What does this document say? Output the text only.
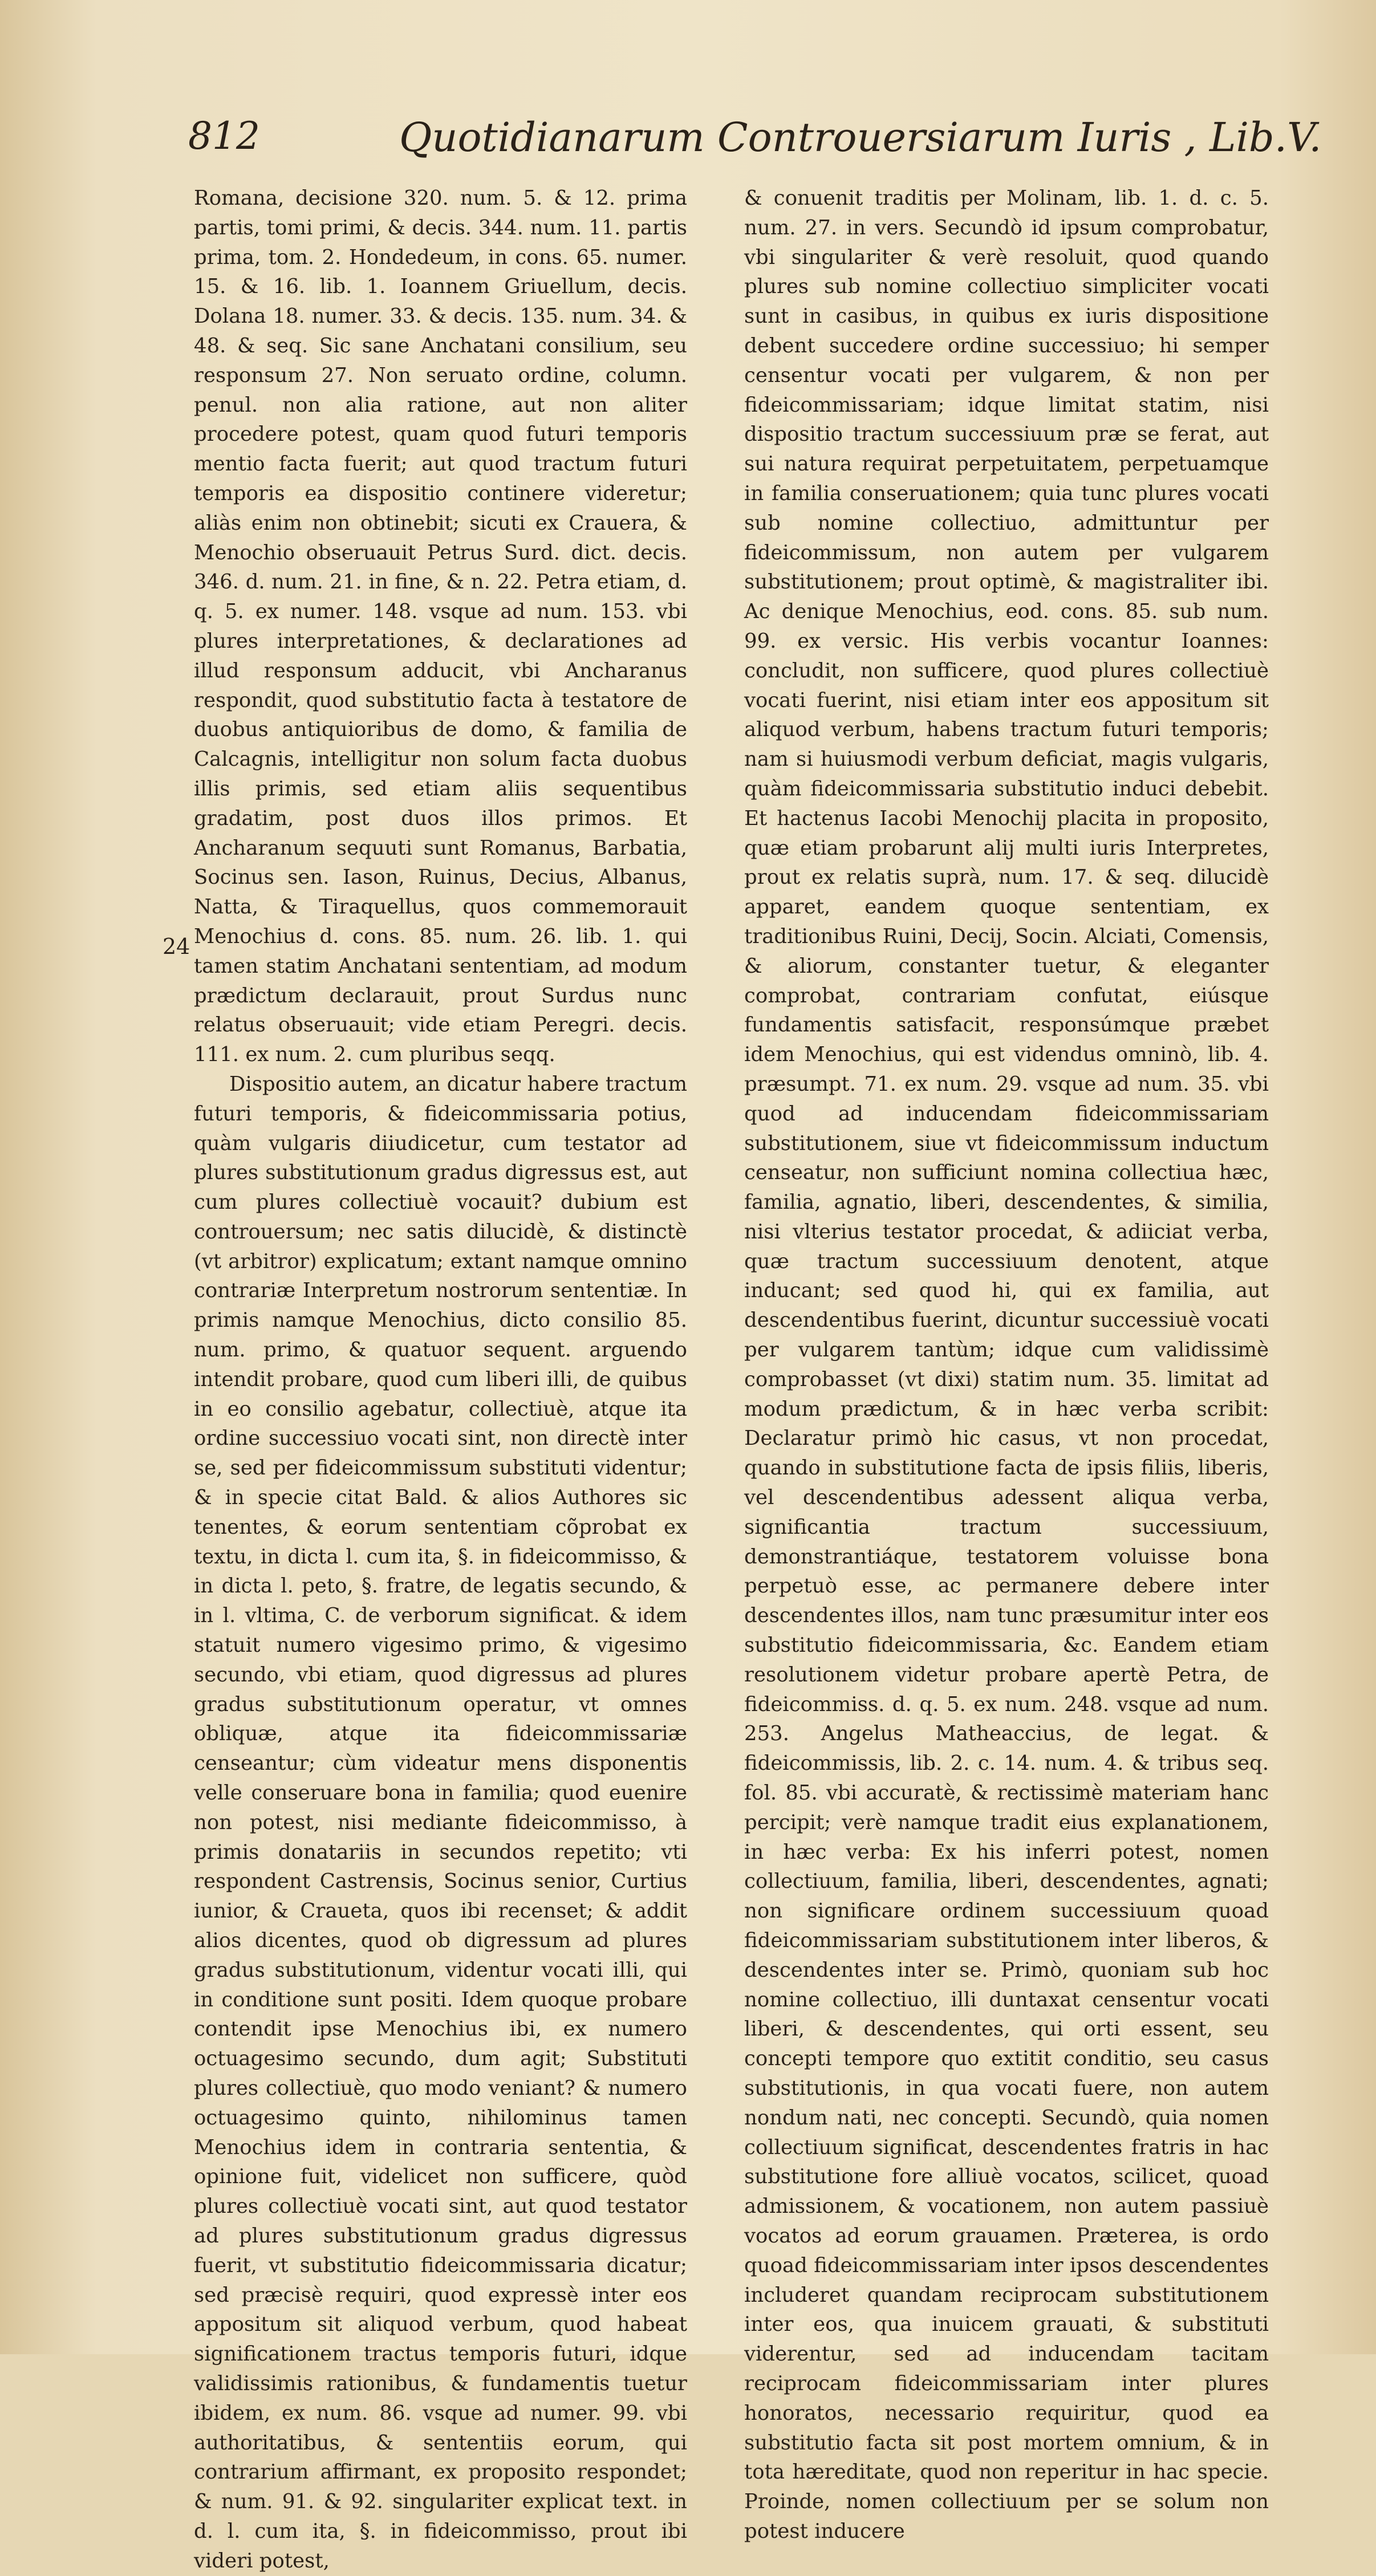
812	Quotidianarum Controuersiarum Iuris , Lib.V.
24

Romana, decisione 320. num. 5. & 12. prima partis, tomi primi, & decis. 344. num. 11. partis prima, tom. 2. Hondedeum, in cons. 65. numer. 15. & 16. lib. 1. Ioannem Griuellum, decis. Dolana 18. numer. 33. & decis. 135. num. 34. & 48. & seq. Sic sane Anchatani consilium, seu responsum 27. Non seruato ordine, column. penul. non alia ratione, aut non aliter procedere potest, quam quod futuri temporis mentio facta fuerit; aut quod tractum futuri temporis ea dispositio continere videretur; aliàs enim non obtinebit; sicuti ex Crauera, & Menochio obseruauit Petrus Surd. dict. decis. 346. d. num. 21. in fine, & n. 22. Petra etiam, d. q. 5. ex numer. 148. vsque ad num. 153. vbi plures interpretationes, & declarationes ad illud responsum adducit, vbi Ancharanus respondit, quod substitutio facta à testatore de duobus antiquioribus de domo, & familia de Calcagnis, intelligitur non solum facta duobus illis primis, sed etiam aliis sequentibus gradatim, post duos illos primos. Et Ancharanum sequuti sunt Romanus, Barbatia, Socinus sen. Iason, Ruinus, Decius, Albanus, Natta, & Tiraquellus, quos commemorauit Menochius d. cons. 85. num. 26. lib. 1. qui tamen statim Anchatani sententiam, ad modum prædictum declarauit, prout Surdus nunc relatus obseruauit; vide etiam Peregri. decis. 111. ex num. 2. cum pluribus seqq.

Dispositio autem, an dicatur habere tractum futuri temporis, & fideicommissaria potius, quàm vulgaris diiudicetur, cum testator ad plures substitutionum gradus digressus est, aut cum plures collectiuè vocauit? dubium est controuersum; nec satis dilucidè, & distinctè (vt arbitror) explicatum; extant namque omnino contrariæ Interpretum nostrorum sententiæ. In primis namque Menochius, dicto consilio 85. num. primo, & quatuor sequent. arguendo intendit probare, quod cum liberi illi, de quibus in eo consilio agebatur, collectiuè, atque ita ordine successiuo vocati sint, non directè inter se, sed per fideicommissum substituti videntur; & in specie citat Bald. & alios Authores sic tenentes, & eorum sententiam cõprobat ex textu, in dicta l. cum ita, §. in fideicommisso, & in dicta l. peto, §. fratre, de legatis secundo, & in l. vltima, C. de verborum significat. & idem statuit numero vigesimo primo, & vigesimo secundo, vbi etiam, quod digressus ad plures gradus substitutionum operatur, vt omnes obliquæ, atque ita fideicommissariæ censeantur; cùm videatur mens disponentis velle conseruare bona in familia; quod euenire non potest, nisi mediante fideicommisso, à primis donatariis in secundos repetito; vti respondent Castrensis, Socinus senior, Curtius iunior, & Craueta, quos ibi recenset; & addit alios dicentes, quod ob digressum ad plures gradus substitutionum, videntur vocati illi, qui in conditione sunt positi. Idem quoque probare contendit ipse Menochius ibi, ex numero octuagesimo secundo, dum agit; Substituti plures collectiuè, quo modo veniant? & numero octuagesimo quinto, nihilominus tamen Menochius idem in contraria sententia, & opinione fuit, videlicet non sufficere, quòd plures collectiuè vocati sint, aut quod testator ad plures substitutionum gradus digressus fuerit, vt substitutio fideicommissaria dicatur; sed præcisè requiri, quod expressè inter eos appositum sit aliquod verbum, quod habeat significationem tractus temporis futuri, idque validissimis rationibus, & fundamentis tuetur ibidem, ex num. 86. vsque ad numer. 99. vbi authoritatibus, & sententiis eorum, qui contrarium affirmant, ex proposito respondet; & num. 91. & 92. singulariter explicat text. in d. l. cum ita, §. in fideicommisso, prout ibi videri potest,

& conuenit traditis per Molinam, lib. 1. d. c. 5. num. 27. in vers. Secundò id ipsum comprobatur, vbi singulariter & verè resoluit, quod quando plures sub nomine collectiuo simpliciter vocati sunt in casibus, in quibus ex iuris dispositione debent succedere ordine successiuo; hi semper censentur vocati per vulgarem, & non per fideicommissariam; idque limitat statim, nisi dispositio tractum successiuum præ se ferat, aut sui natura requirat perpetuitatem, perpetuamque in familia conseruationem; quia tunc plures vocati sub nomine collectiuo, admittuntur per fideicommissum, non autem per vulgarem substitutionem; prout optimè, & magistraliter ibi. Ac denique Menochius, eod. cons. 85. sub num. 99. ex versic. His verbis vocantur Ioannes: concludit, non sufficere, quod plures collectiuè vocati fuerint, nisi etiam inter eos appositum sit aliquod verbum, habens tractum futuri temporis; nam si huiusmodi verbum deficiat, magis vulgaris, quàm fideicommissaria substitutio induci debebit. Et hactenus Iacobi Menochij placita in proposito, quæ etiam probarunt alij multi iuris Interpretes, prout ex relatis suprà, num. 17. & seq. dilucidè apparet, eandem quoque sententiam, ex traditionibus Ruini, Decij, Socin. Alciati, Comensis, & aliorum, constanter tuetur, & eleganter comprobat, contrariam confutat, eiúsque fundamentis satisfacit, responsúmque præbet idem Menochius, qui est videndus omninò, lib. 4. præsumpt. 71. ex num. 29. vsque ad num. 35. vbi quod ad inducendam fideicommissariam substitutionem, siue vt fideicommissum inductum censeatur, non sufficiunt nomina collectiua hæc, familia, agnatio, liberi, descendentes, & similia, nisi vlterius testator procedat, & adiiciat verba, quæ tractum successiuum denotent, atque inducant; sed quod hi, qui ex familia, aut descendentibus fuerint, dicuntur successiuè vocati per vulgarem tantùm; idque cum validissimè comprobasset (vt dixi) statim num. 35. limitat ad modum prædictum, & in hæc verba scribit: Declaratur primò hic casus, vt non procedat, quando in substitutione facta de ipsis filiis, liberis, vel descendentibus adessent aliqua verba, significantia tractum successiuum, demonstrantiáque, testatorem voluisse bona perpetuò esse, ac permanere debere inter descendentes illos, nam tunc præsumitur inter eos substitutio fideicommissaria, &c. Eandem etiam resolutionem videtur probare apertè Petra, de fideicommiss. d. q. 5. ex num. 248. vsque ad num. 253. Angelus Matheaccius, de legat. & fideicommissis, lib. 2. c. 14. num. 4. & tribus seq. fol. 85. vbi accuratè, & rectissimè materiam hanc percipit; verè namque tradit eius explanationem, in hæc verba: Ex his inferri potest, nomen collectiuum, familia, liberi, descendentes, agnati; non significare ordinem successiuum quoad fideicommissariam substitutionem inter liberos, & descendentes inter se. Primò, quoniam sub hoc nomine collectiuo, illi duntaxat censentur vocati liberi, & descendentes, qui orti essent, seu concepti tempore quo extitit conditio, seu casus substitutionis, in qua vocati fuere, non autem nondum nati, nec concepti. Secundò, quia nomen collectiuum significat, descendentes fratris in hac substitutione fore alliuè vocatos, scilicet, quoad admissionem, & vocationem, non autem passiuè vocatos ad eorum grauamen. Præterea, is ordo quoad fideicommissariam inter ipsos descendentes includeret quandam reciprocam substitutionem inter eos, qua inuicem grauati, & substituti viderentur, sed ad inducendam tacitam reciprocam fideicommissariam inter plures honoratos, necessario requiritur, quod ea substitutio facta sit post mortem omnium, & in tota hæreditate, quod non reperitur in hac specie. Proinde, nomen collectiuum per se solum non potest inducere
